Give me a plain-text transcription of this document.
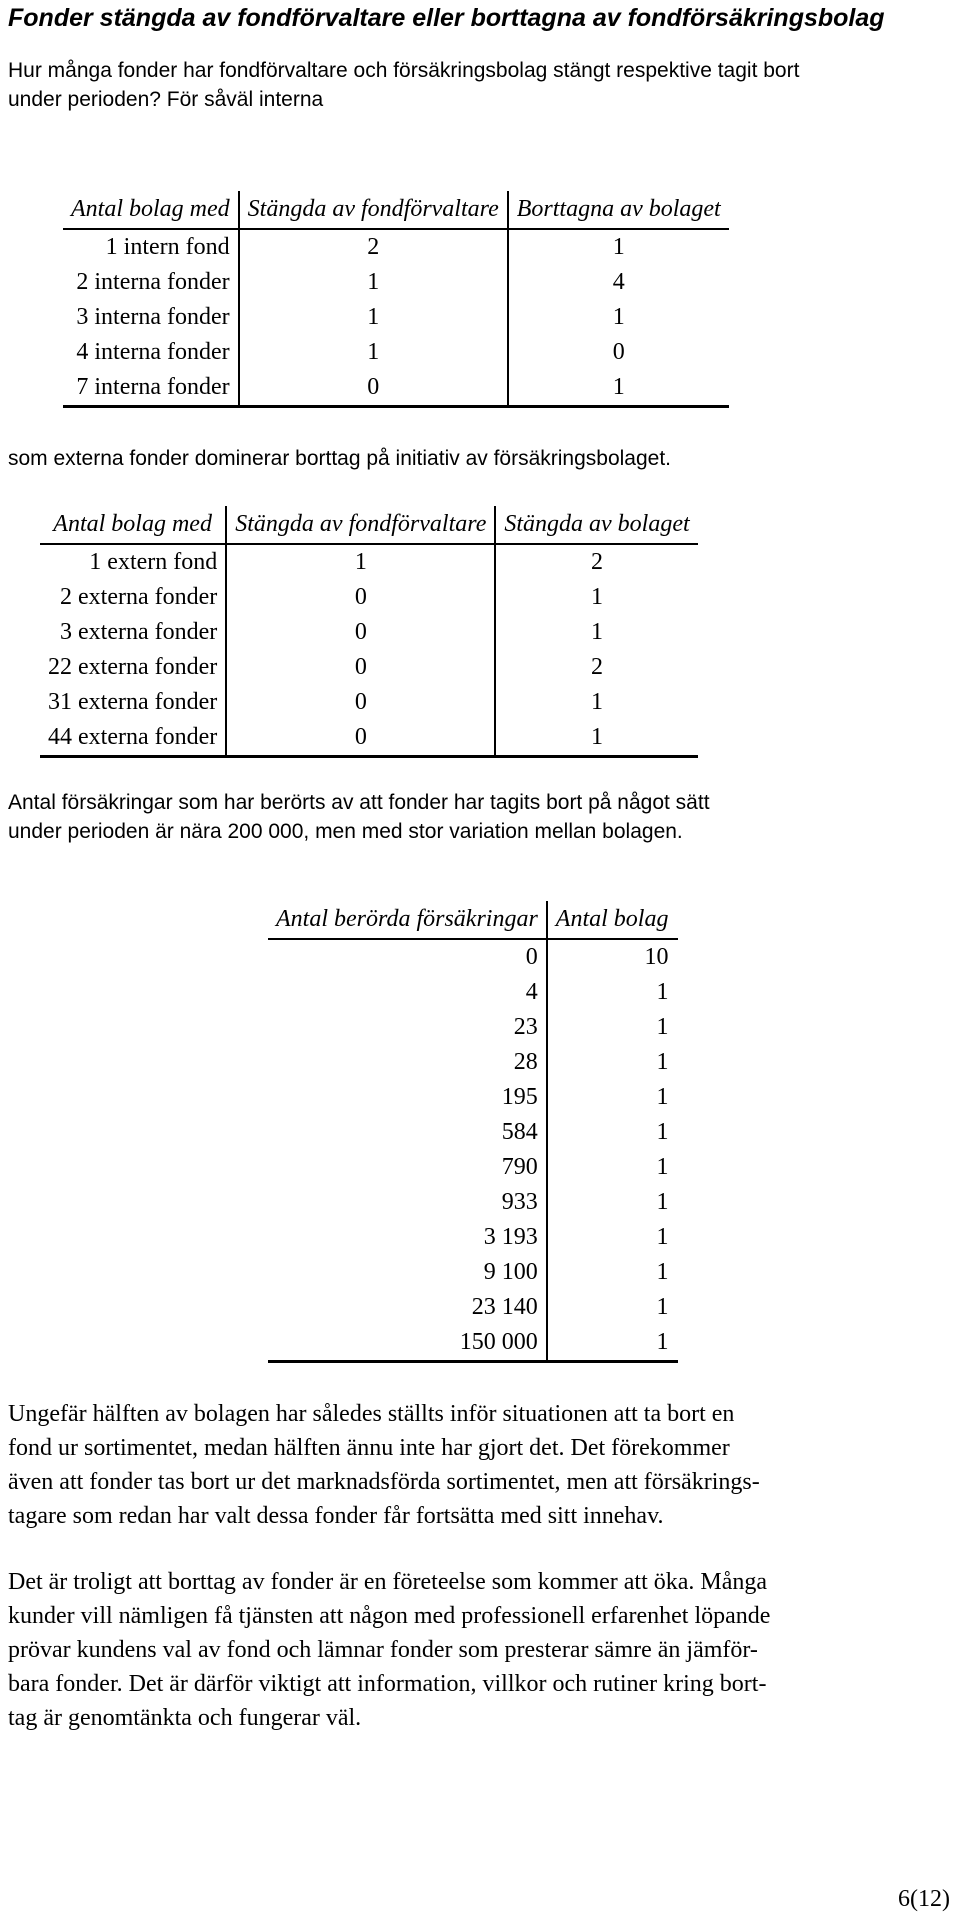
Fonder stängda av fondförvaltare eller borttagna av fondförsäkringsbolag
Hur många fonder har fondförvaltare och försäkringsbolag stängt respektive tagit bort
under perioden? För såväl interna
Antal bolag med	Stängda av fondförvaltare	Borttagna av bolaget
1 intern fond	2	1
2 interna fonder	1	4
3 interna fonder	1	1
4 interna fonder	1	0
7 interna fonder	0	1
som externa fonder dominerar borttag på initiativ av försäkringsbolaget.
Antal bolag med	Stängda av fondförvaltare	Stängda av bolaget
1 extern fond	1	2
2 externa fonder	0	1
3 externa fonder	0	1
22 externa fonder	0	2
31 externa fonder	0	1
44 externa fonder	0	1
Antal försäkringar som har berörts av att fonder har tagits bort på något sätt
under perioden är nära 200 000, men med stor variation mellan bolagen.
Antal berörda försäkringar	Antal bolag
0	10
4	1
23	1
28	1
195	1
584	1
790	1
933	1
3 193	1
9 100	1
23 140	1
150 000	1
Ungefär hälften av bolagen har således ställts inför situationen att ta bort en
fond ur sortimentet, medan hälften ännu inte har gjort det. Det förekommer
även att fonder tas bort ur det marknadsförda sortimentet, men att försäkrings-
tagare som redan har valt dessa fonder får fortsätta med sitt innehav.
Det är troligt att borttag av fonder är en företeelse som kommer att öka. Många
kunder vill nämligen få tjänsten att någon med professionell erfarenhet löpande
prövar kundens val av fond och lämnar fonder som presterar sämre än jämför-
bara fonder. Det är därför viktigt att information, villkor och rutiner kring bort-
tag är genomtänkta och fungerar väl.
6(12)
